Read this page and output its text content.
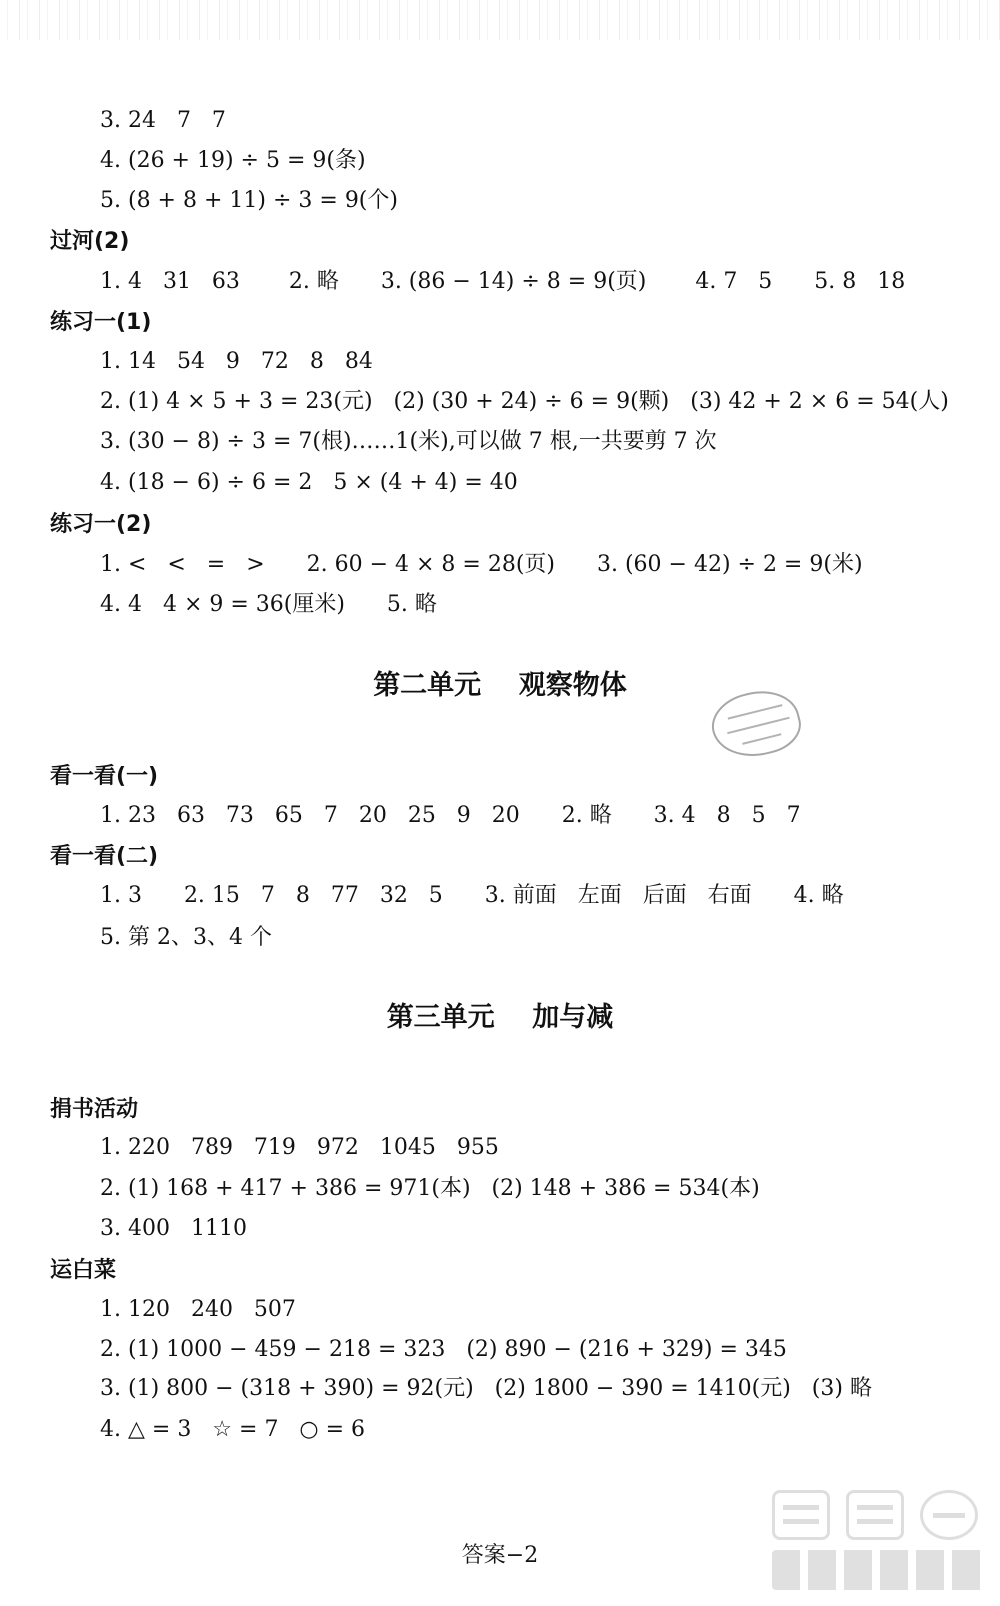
3. 24   7   7
4. (26 + 19) ÷ 5 = 9(条)
5. (8 + 8 + 11) ÷ 3 = 9(个)
过河(2)
1. 4   31   63       2. 略      3. (86 − 14) ÷ 8 = 9(页)       4. 7   5      5. 8   18
练习一(1)
1. 14   54   9   72   8   84
2. (1) 4 × 5 + 3 = 23(元)   (2) (30 + 24) ÷ 6 = 9(颗)   (3) 42 + 2 × 6 = 54(人)
3. (30 − 8) ÷ 3 = 7(根)……1(米),可以做 7 根,一共要剪 7 次
4. (18 − 6) ÷ 6 = 2   5 × (4 + 4) = 40
练习一(2)
1. <   <   =   >      2. 60 − 4 × 8 = 28(页)      3. (60 − 42) ÷ 2 = 9(米)
4. 4   4 × 9 = 36(厘米)      5. 略
第二单元    观察物体
看一看(一)
1. 23   63   73   65   7   20   25   9   20      2. 略      3. 4   8   5   7
看一看(二)
1. 3      2. 15   7   8   77   32   5      3. 前面   左面   后面   右面      4. 略
5. 第 2、3、4 个
第三单元    加与减
捐书活动
1. 220   789   719   972   1045   955
2. (1) 168 + 417 + 386 = 971(本)   (2) 148 + 386 = 534(本)
3. 400   1110
运白菜
1. 120   240   507
2. (1) 1000 − 459 − 218 = 323   (2) 890 − (216 + 329) = 345
3. (1) 800 − (318 + 390) = 92(元)   (2) 1800 − 390 = 1410(元)   (3) 略
4. △ = 3   ☆ = 7   ○ = 6
答案−2
